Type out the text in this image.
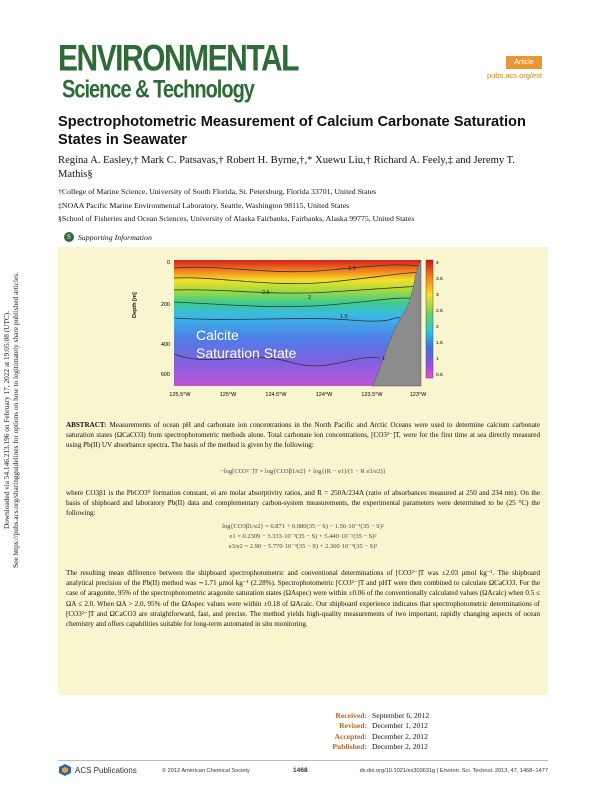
Downloaded via 54.146.213.196 on February 17, 2022 at 19:05:08 (UTC). See https://pubs.acs.org/sharingguidelines for options on how to legitimately share published articles.
ENVIRONMENTAL
Science & Technology
Article
pubs.acs.org/est
Spectrophotometric Measurement of Calcium Carbonate Saturation States in Seawater
Regina A. Easley,† Mark C. Patsavas,† Robert H. Byrne,†,* Xuewu Liu,† Richard A. Feely,‡ and Jeremy T. Mathis§
†College of Marine Science, University of South Florida, St. Petersburg, Florida 33701, United States
‡NOAA Pacific Marine Environmental Laboratory, Seattle, Washington 98115, United States
§School of Fisheries and Ocean Sciences, University of Alaska Fairbanks, Fairbanks, Alaska 99775, United States
S Supporting Information
3.5
2.5
2
1.5
1
Calcite
Saturation State
0
200
400
600
125.5°W	125°W	124.5°W	124°W	123.5°W	123°W
4
3.5
3
2.5
2
1.5
1
0.5
Depth [m]
ABSTRACT: Measurements of ocean pH and carbonate ion concentrations in the North Pacific and Arctic Oceans were used to determine calcium carbonate saturation states (ΩCaCO3) from spectrophotometric methods alone. Total carbonate ion concentrations, [CO3²⁻]T, were for the first time at sea directly measured using Pb(II) UV absorbance spectra. The basis of the method is given by the following:
−log[CO3²⁻]T = log{CO3β1/e2} + log{(R − e1)/(1 − R e3/e2)}
where CO3β1 is the PbCO3⁰ formation constant, ei are molar absorptivity ratios, and R = 250A/234A (ratio of absorbances measured at 250 and 234 nm). On the basis of shipboard and laboratory Pb(II) data and complementary carbon-system measurements, the experimental parameters were determined to be (25 °C) the following:
log{CO3β1/e2} = 6.871 + 0.080(35 − S) − 1.56·10⁻⁴(35 − S)²
e1 = 0.2309 − 3.333·10⁻³(35 − S) + 5.440·10⁻⁵(35 − S)²
e3/e2 = 2.90 − 5.770·10⁻³(35 − S) + 2.360·10⁻⁴(35 − S)²
The resulting mean difference between the shipboard spectrophotometric and conventional determinations of [CO3²⁻]T was ±2.03 μmol kg⁻¹. The shipboard analytical precision of the Pb(II) method was ∼1.71 μmol kg⁻¹ (2.28%). Spectrophotometric [CO3²⁻]T and pHT were then combined to calculate ΩCaCO3. For the case of aragonite, 95% of the spectrophotometric aragonite saturation states (ΩAspec) were within ±0.06 of the conventionally calculated values (ΩAcalc) when 0.5 ≤ ΩA ≤ 2.0. When ΩA > 2.0, 95% of the ΩAspec values were within ±0.18 of ΩAcalc. Our shipboard experience indicates that spectrophotometric determinations of [CO3²⁻]T and ΩCaCO3 are straightforward, fast, and precise. The method yields high-quality measurements of two important, rapidly changing aspects of ocean chemistry and offers capabilities suitable for long-term automated in situ monitoring.
Received: September 6, 2012
Revised: December 1, 2012
Accepted: December 2, 2012
Published: December 2, 2012
ACS Publications	© 2012 American Chemical Society	1468	dx.doi.org/10.1021/es303631g | Environ. Sci. Technol. 2013, 47, 1468−1477
